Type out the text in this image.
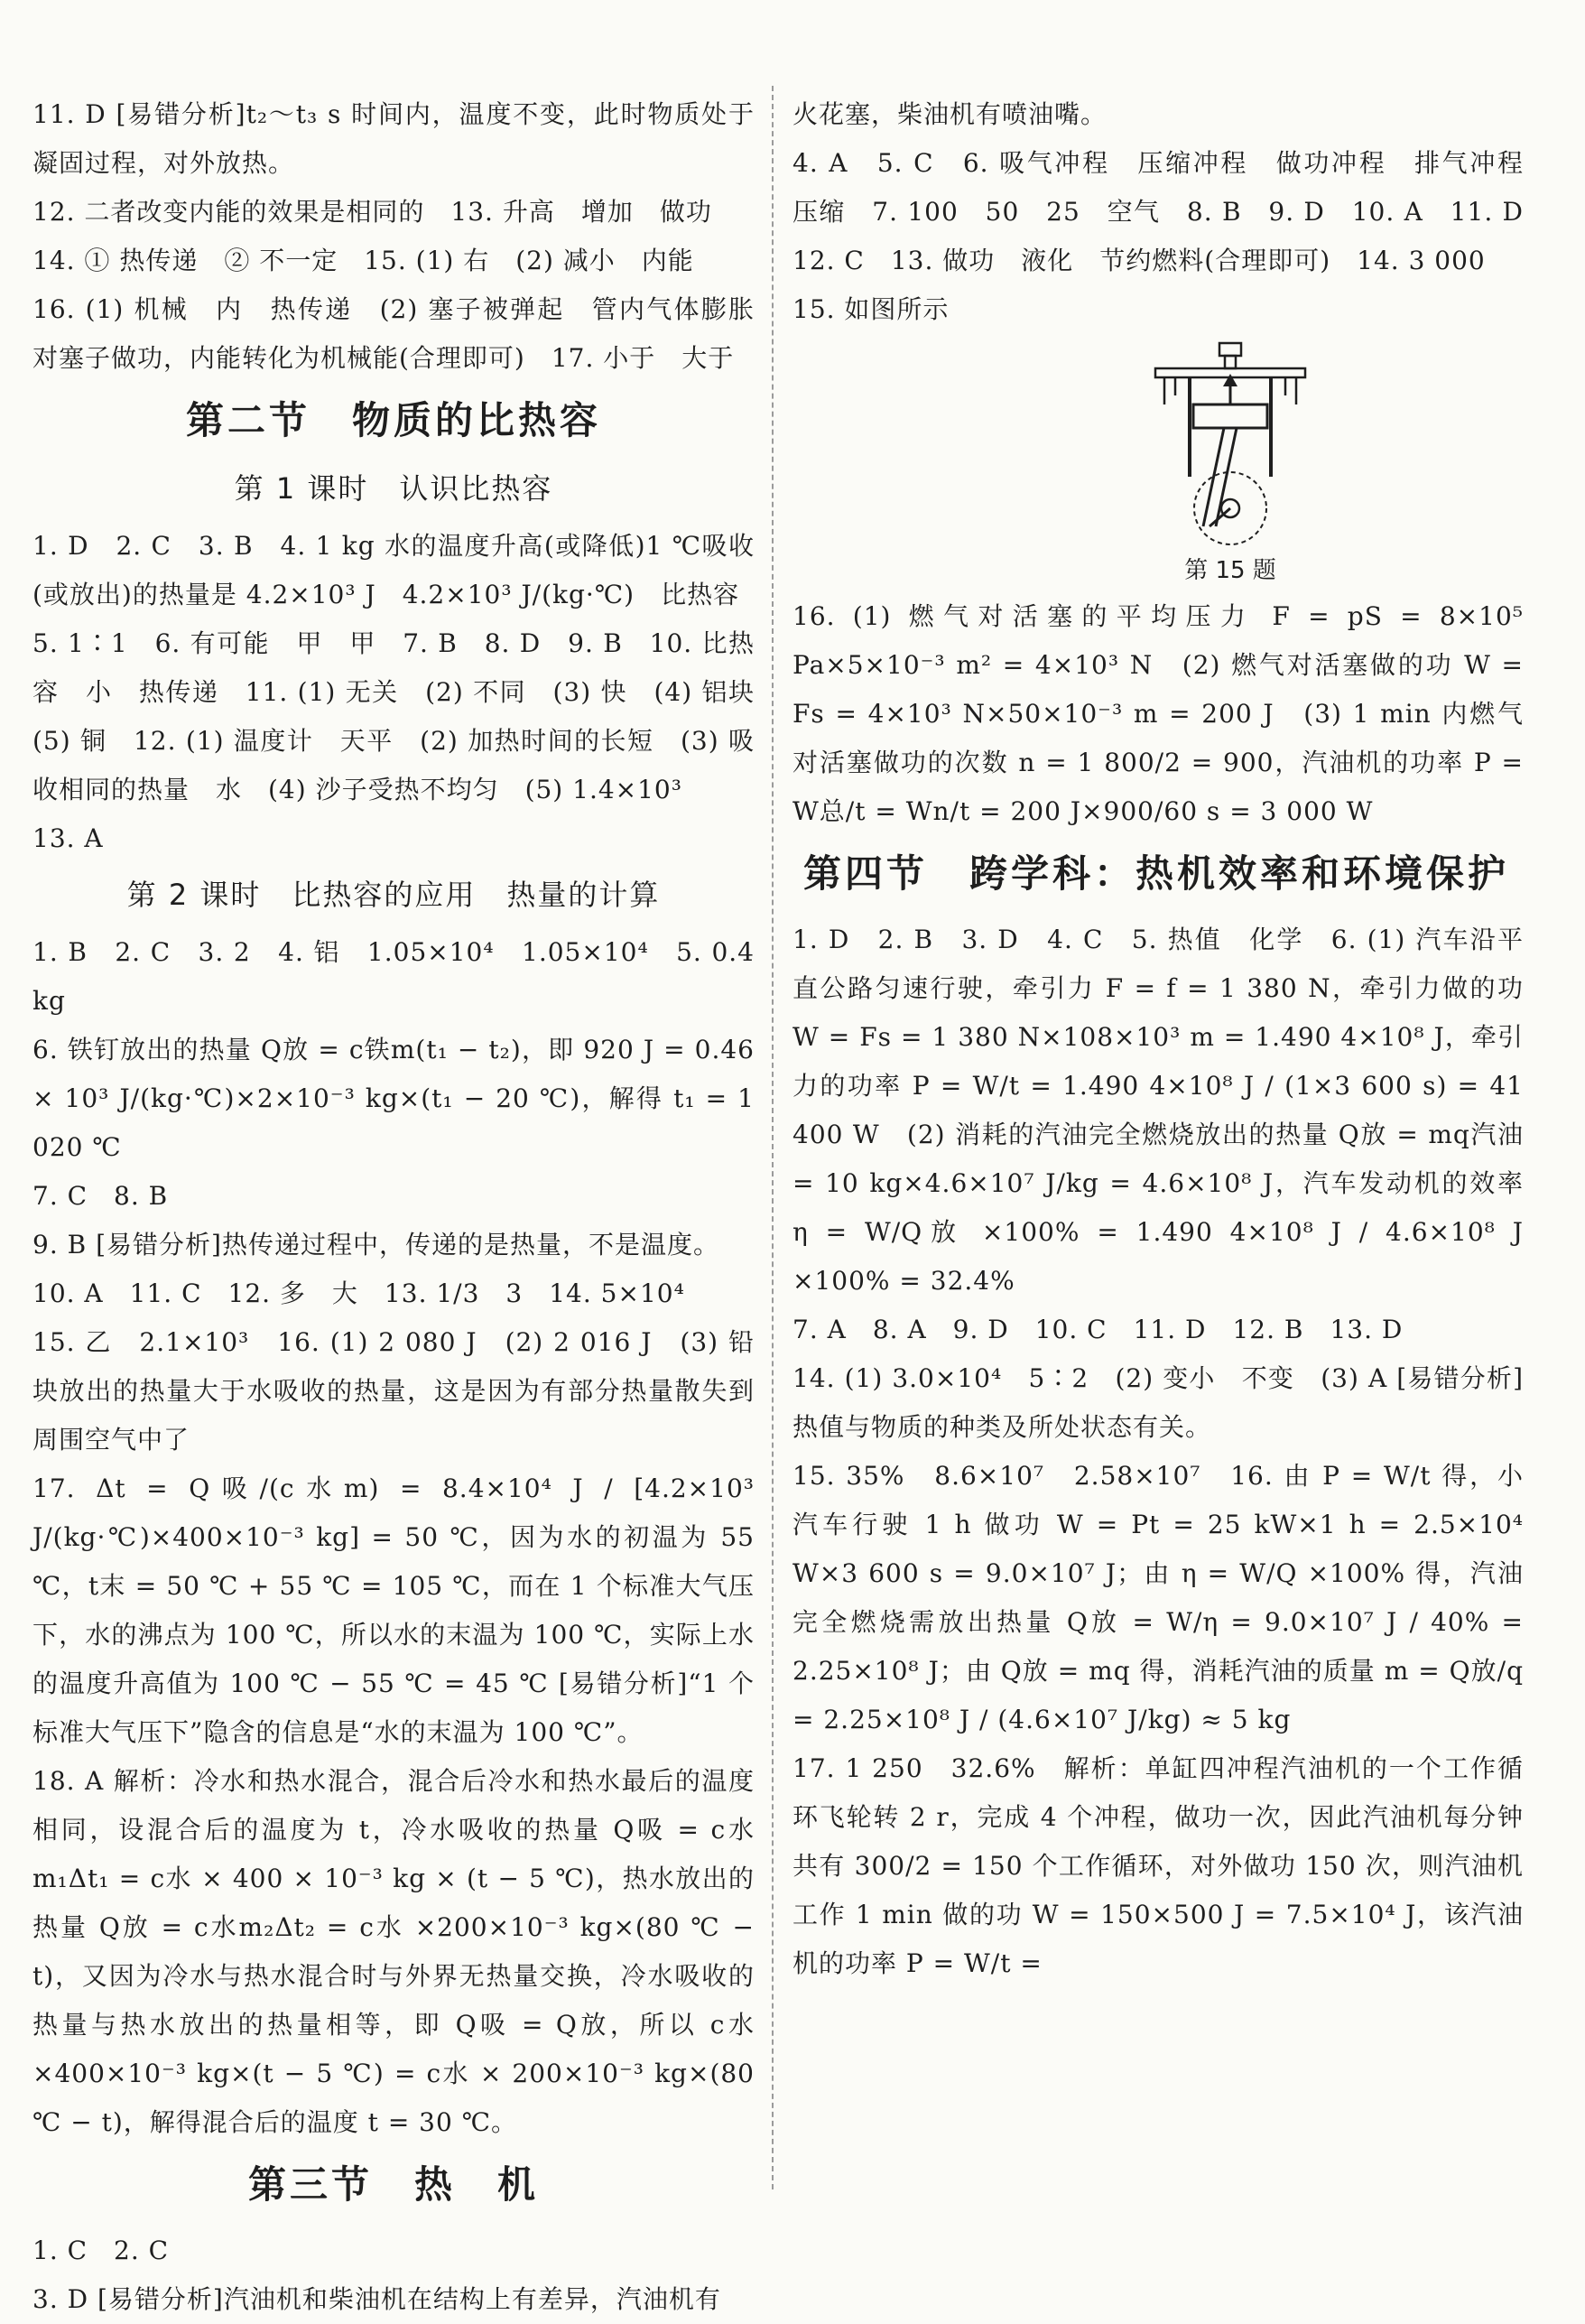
11. D [易错分析]t₂～t₃ s 时间内，温度不变，此时物质处于凝固过程，对外放热。

12. 二者改变内能的效果是相同的　13. 升高　增加　做功

14. ① 热传递　② 不一定　15. (1) 右　(2) 减小　内能

16. (1) 机械　内　热传递　(2) 塞子被弹起　管内气体膨胀对塞子做功，内能转化为机械能(合理即可)　17. 小于　大于

第二节　物质的比热容
第 1 课时　认识比热容

1. D　2. C　3. B　4. 1 kg 水的温度升高(或降低)1 ℃吸收(或放出)的热量是 4.2×10³ J　4.2×10³ J/(kg·℃)　比热容

5. 1∶1　6. 有可能　甲　甲　7. B　8. D　9. B　10. 比热容　小　热传递　11. (1) 无关　(2) 不同　(3) 快　(4) 铝块　(5) 铜　12. (1) 温度计　天平　(2) 加热时间的长短　(3) 吸收相同的热量　水　(4) 沙子受热不均匀　(5) 1.4×10³

13. A

第 2 课时　比热容的应用　热量的计算

1. B　2. C　3. 2　4. 铝　1.05×10⁴　1.05×10⁴　5. 0.4 kg

6. 铁钉放出的热量 Q放 = c铁m(t₁ − t₂)，即 920 J = 0.46 × 10³ J/(kg·℃)×2×10⁻³ kg×(t₁ − 20 ℃)，解得 t₁ = 1 020 ℃

7. C　8. B

9. B [易错分析]热传递过程中，传递的是热量，不是温度。

10. A　11. C　12. 多　大　13. 1/3　3　14. 5×10⁴

15. 乙　2.1×10³　16. (1) 2 080 J　(2) 2 016 J　(3) 铅块放出的热量大于水吸收的热量，这是因为有部分热量散失到周围空气中了

17. Δt = Q吸/(c水m) = 8.4×10⁴ J / [4.2×10³ J/(kg·℃)×400×10⁻³ kg] = 50 ℃，因为水的初温为 55 ℃，t末 = 50 ℃ + 55 ℃ = 105 ℃，而在 1 个标准大气压下，水的沸点为 100 ℃，所以水的末温为 100 ℃，实际上水的温度升高值为 100 ℃ − 55 ℃ = 45 ℃ [易错分析]“1 个标准大气压下”隐含的信息是“水的末温为 100 ℃”。

18. A 解析：冷水和热水混合，混合后冷水和热水最后的温度相同，设混合后的温度为 t，冷水吸收的热量 Q吸 = c水m₁Δt₁ = c水 × 400 × 10⁻³ kg × (t − 5 ℃)，热水放出的热量 Q放 = c水m₂Δt₂ = c水 ×200×10⁻³ kg×(80 ℃ − t)，又因为冷水与热水混合时与外界无热量交换，冷水吸收的热量与热水放出的热量相等，即 Q吸 = Q放，所以 c水 ×400×10⁻³ kg×(t − 5 ℃) = c水 × 200×10⁻³ kg×(80 ℃ − t)，解得混合后的温度 t = 30 ℃。

第三节　热　机

1. C　2. C

3. D [易错分析]汽油机和柴油机在结构上有差异，汽油机有

火花塞，柴油机有喷油嘴。

4. A　5. C　6. 吸气冲程　压缩冲程　做功冲程　排气冲程　压缩　7. 100　50　25　空气　8. B　9. D　10. A　11. D　12. C　13. 做功　液化　节约燃料(合理即可)　14. 3 000

15. 如图所示

第 15 题

16. (1) 燃气对活塞的平均压力 F = pS = 8×10⁵ Pa×5×10⁻³ m² = 4×10³ N　(2) 燃气对活塞做的功 W = Fs = 4×10³ N×50×10⁻³ m = 200 J　(3) 1 min 内燃气对活塞做功的次数 n = 1 800/2 = 900，汽油机的功率 P = W总/t = Wn/t = 200 J×900/60 s = 3 000 W

第四节　跨学科：热机效率和环境保护

1. D　2. B　3. D　4. C　5. 热值　化学　6. (1) 汽车沿平直公路匀速行驶，牵引力 F = f = 1 380 N，牵引力做的功 W = Fs = 1 380 N×108×10³ m = 1.490 4×10⁸ J，牵引力的功率 P = W/t = 1.490 4×10⁸ J / (1×3 600 s) = 41 400 W　(2) 消耗的汽油完全燃烧放出的热量 Q放 = mq汽油 = 10 kg×4.6×10⁷ J/kg = 4.6×10⁸ J，汽车发动机的效率 η = W/Q放 ×100% = 1.490 4×10⁸ J / 4.6×10⁸ J ×100% = 32.4%

7. A　8. A　9. D　10. C　11. D　12. B　13. D

14. (1) 3.0×10⁴　5∶2　(2) 变小　不变　(3) A [易错分析]热值与物质的种类及所处状态有关。

15. 35%　8.6×10⁷　2.58×10⁷　16. 由 P = W/t 得，小汽车行驶 1 h 做功 W = Pt = 25 kW×1 h = 2.5×10⁴ W×3 600 s = 9.0×10⁷ J；由 η = W/Q ×100% 得，汽油完全燃烧需放出热量 Q放 = W/η = 9.0×10⁷ J / 40% = 2.25×10⁸ J；由 Q放 = mq 得，消耗汽油的质量 m = Q放/q = 2.25×10⁸ J / (4.6×10⁷ J/kg) ≈ 5 kg

17. 1 250　32.6%　解析：单缸四冲程汽油机的一个工作循环飞轮转 2 r，完成 4 个冲程，做功一次，因此汽油机每分钟共有 300/2 = 150 个工作循环，对外做功 150 次，则汽油机工作 1 min 做的功 W = 150×500 J = 7.5×10⁴ J，该汽油机的功率 P = W/t =
